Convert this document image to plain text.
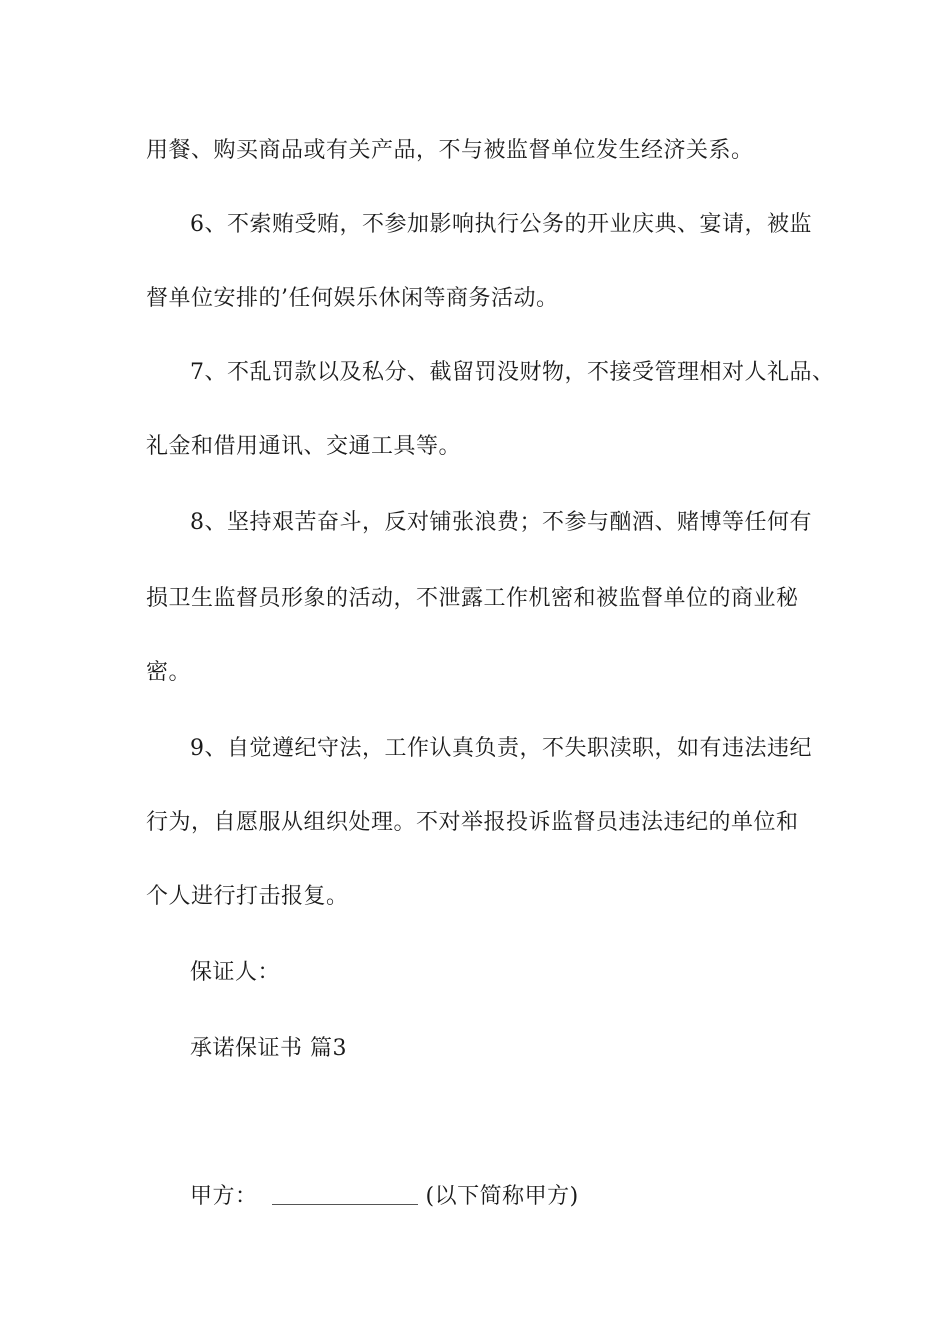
用餐、购买商品或有关产品，不与被监督单位发生经济关系。
6、不索贿受贿，不参加影响执行公务的开业庆典、宴请，被监
督单位安排的’任何娱乐休闲等商务活动。
7、不乱罚款以及私分、截留罚没财物，不接受管理相对人礼品、
礼金和借用通讯、交通工具等。
8、坚持艰苦奋斗，反对铺张浪费；不参与酗酒、赌博等任何有
损卫生监督员形象的活动，不泄露工作机密和被监督单位的商业秘
密。
9、自觉遵纪守法，工作认真负责，不失职渎职，如有违法违纪
行为，自愿服从组织处理。不对举报投诉监督员违法违纪的单位和
个人进行打击报复。
保证人：
承诺保证书 篇3
甲方：	(以下简称甲方)
